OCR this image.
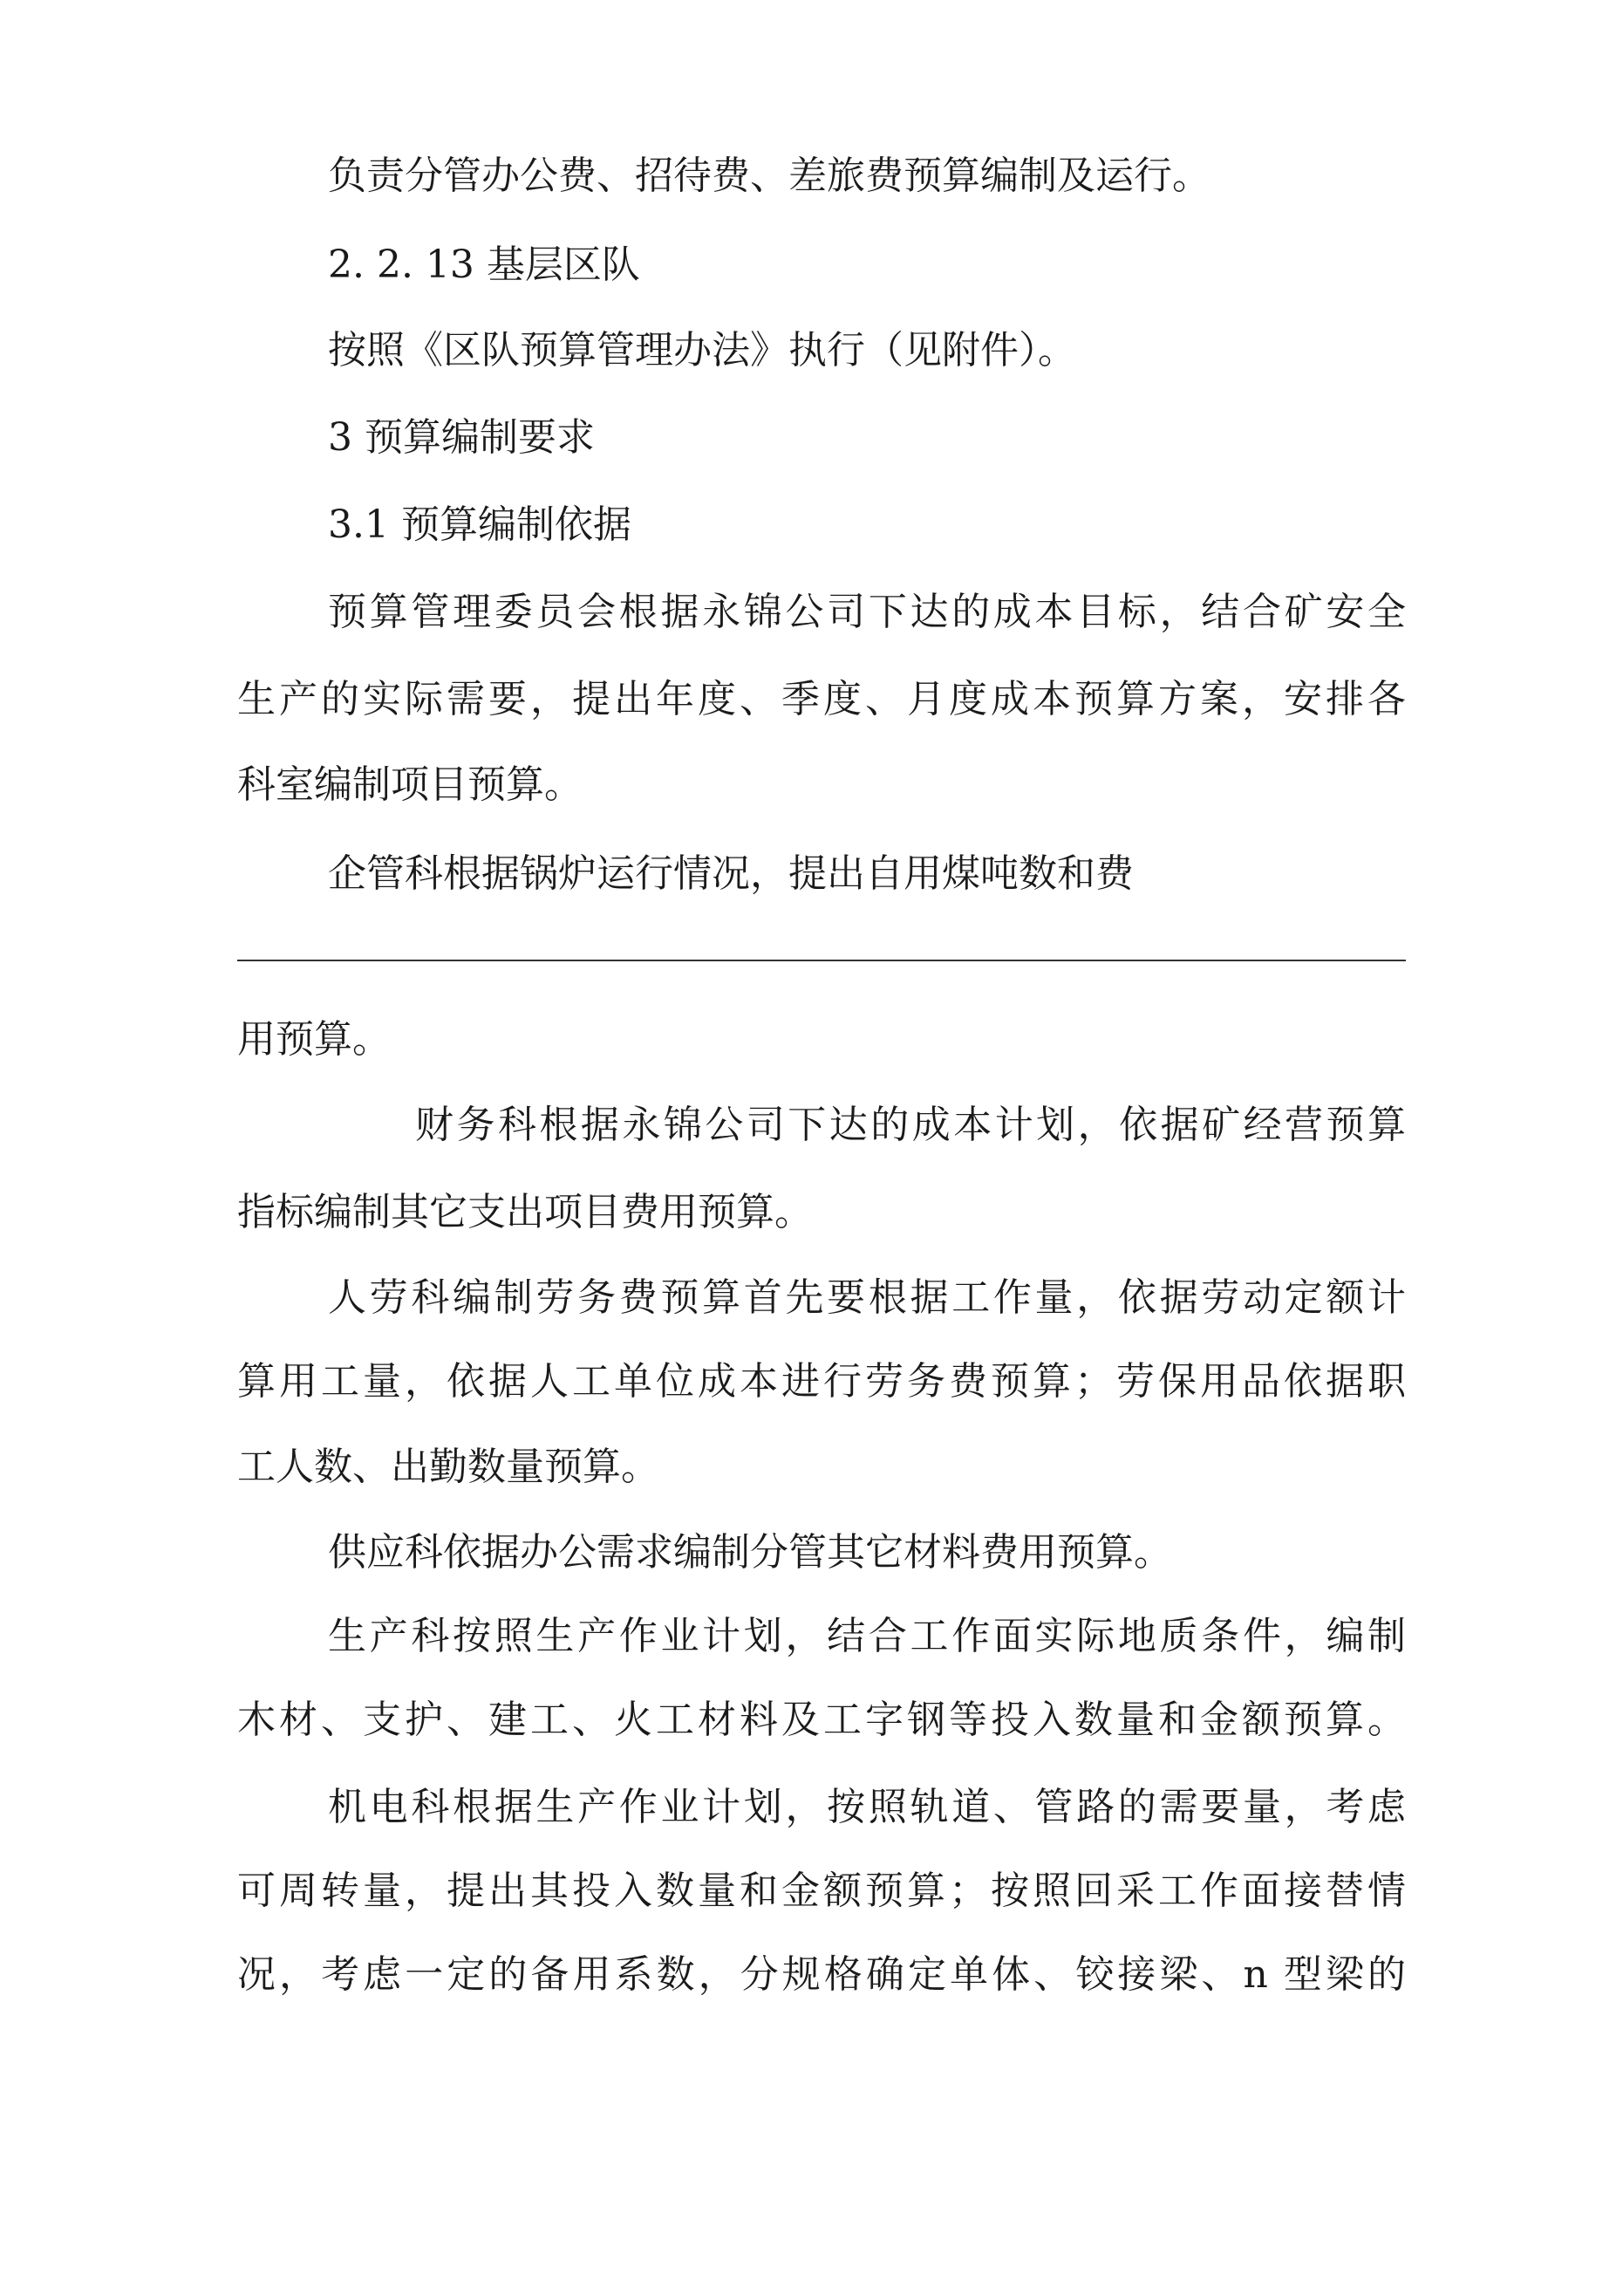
负责分管办公费、招待费、差旅费预算编制及运行。
2. 2. 13 基层区队
按照《区队预算管理办法》执行（见附件）。
3 预算编制要求
3.1 预算编制依据
预算管理委员会根据永锦公司下达的成本目标，结合矿安全
生产的实际需要，提出年度、季度、月度成本预算方案，安排各
科室编制项目预算。
企管科根据锅炉运行情况，提出自用煤吨数和费
用预算。
财务科根据永锦公司下达的成本计划，依据矿经营预算
指标编制其它支出项目费用预算。
人劳科编制劳务费预算首先要根据工作量，依据劳动定额计
算用工量，依据人工单位成本进行劳务费预算；劳保用品依据职
工人数、出勤数量预算。
供应科依据办公需求编制分管其它材料费用预算。
生产科按照生产作业计划，结合工作面实际地质条件，编制
木材、支护、建工、火工材料及工字钢等投入数量和金额预算。
机电科根据生产作业计划，按照轨道、管路的需要量，考虑
可周转量，提出其投入数量和金额预算；按照回采工作面接替情
况，考虑一定的备用系数，分规格确定单体、铰接梁、n 型梁的
